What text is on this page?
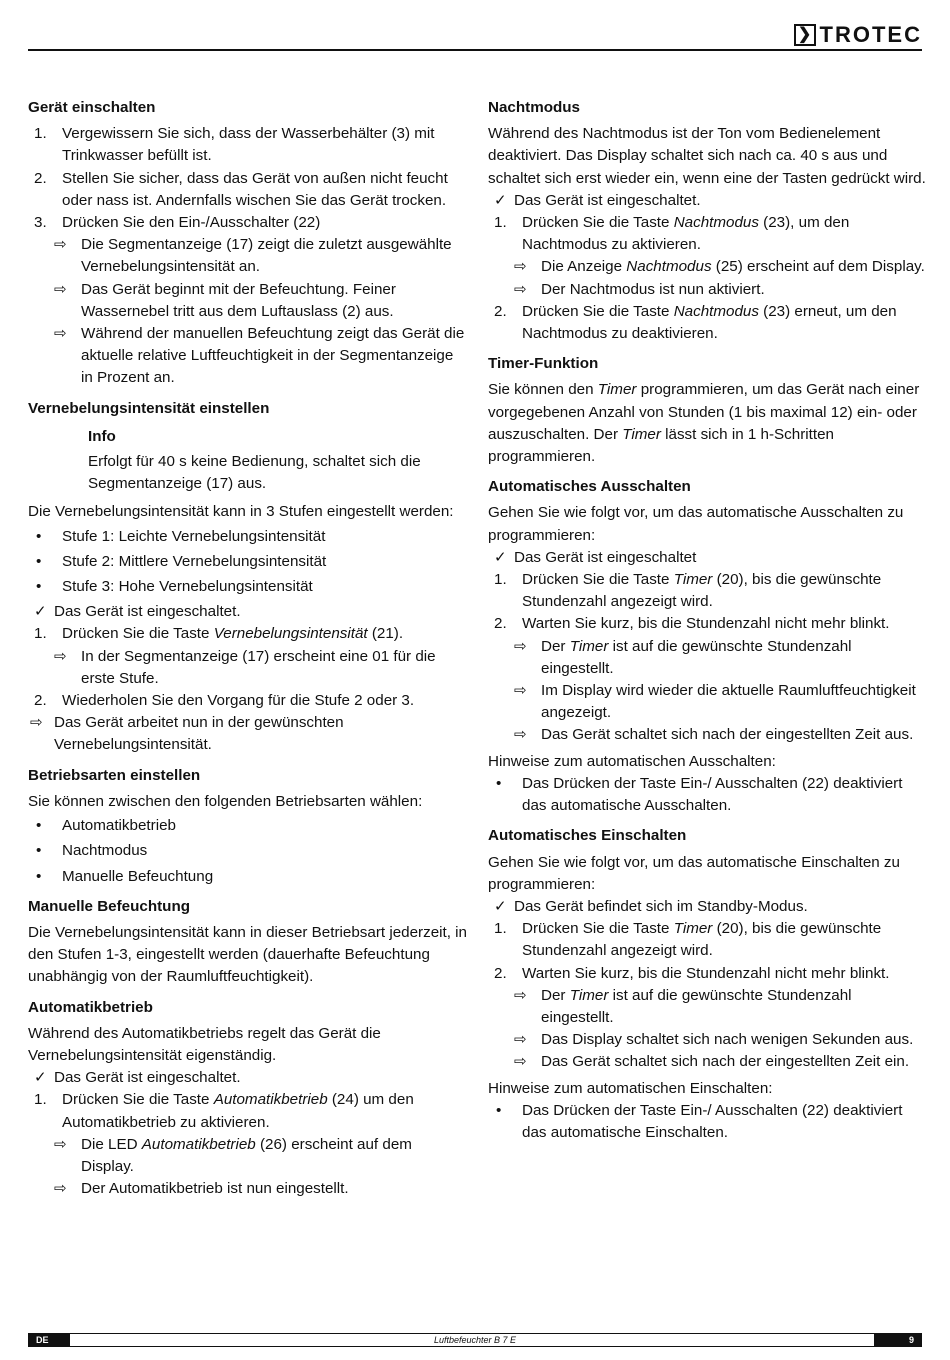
❯ TROTEC
Gerät einschalten
1.	Vergewissern Sie sich, dass der Wasserbehälter (3) mit Trinkwasser befüllt ist.
2.	Stellen Sie sicher, dass das Gerät von außen nicht feucht oder nass ist. Andernfalls wischen Sie das Gerät trocken.
3.	Drücken Sie den Ein-/Ausschalter (22)
⇨ Die Segmentanzeige (17) zeigt die zuletzt ausgewählte Vernebelungsintensität an.
⇨ Das Gerät beginnt mit der Befeuchtung. Feiner Wassernebel tritt aus dem Luftauslass (2) aus.
⇨ Während der manuellen Befeuchtung zeigt das Gerät die aktuelle relative Luftfeuchtigkeit in der Segmentanzeige in Prozent an.
Vernebelungsintensität einstellen
Info
Erfolgt für 40 s keine Bedienung, schaltet sich die Segmentanzeige (17) aus.
Die Vernebelungsintensität kann in 3 Stufen eingestellt werden:
•	Stufe 1: Leichte Vernebelungsintensität
•	Stufe 2: Mittlere Vernebelungsintensität
•	Stufe 3: Hohe Vernebelungsintensität
✓ Das Gerät ist eingeschaltet.
1.	Drücken Sie die Taste Vernebelungsintensität (21).
⇨ In der Segmentanzeige (17) erscheint eine 01 für die erste Stufe.
2.	Wiederholen Sie den Vorgang für die Stufe 2 oder 3.
⇨ Das Gerät arbeitet nun in der gewünschten Vernebelungsintensität.
Betriebsarten einstellen
Sie können zwischen den folgenden Betriebsarten wählen:
•	Automatikbetrieb
•	Nachtmodus
•	Manuelle Befeuchtung
Manuelle Befeuchtung
Die Vernebelungsintensität kann in dieser Betriebsart jederzeit, in den Stufen 1-3, eingestellt werden (dauerhafte Befeuchtung unabhängig von der Raumluftfeuchtigkeit).
Automatikbetrieb
Während des Automatikbetriebs regelt das Gerät die Vernebelungsintensität eigenständig.
✓ Das Gerät ist eingeschaltet.
1.	Drücken Sie die Taste Automatikbetrieb (24) um den Automatikbetrieb zu aktivieren.
⇨ Die LED Automatikbetrieb (26) erscheint auf dem Display.
⇨ Der Automatikbetrieb ist nun eingestellt.
Nachtmodus
Während des Nachtmodus ist der Ton vom Bedienelement deaktiviert. Das Display schaltet sich nach ca. 40 s aus und schaltet sich erst wieder ein, wenn eine der Tasten gedrückt wird.
✓ Das Gerät ist eingeschaltet.
1.	Drücken Sie die Taste Nachtmodus (23), um den Nachtmodus zu aktivieren.
⇨ Die Anzeige Nachtmodus (25) erscheint auf dem Display.
⇨ Der Nachtmodus ist nun aktiviert.
2.	Drücken Sie die Taste Nachtmodus (23) erneut, um den Nachtmodus zu deaktivieren.
Timer-Funktion
Sie können den Timer programmieren, um das Gerät nach einer vorgegebenen Anzahl von Stunden (1 bis maximal 12) ein- oder auszuschalten. Der Timer lässt sich in 1 h-Schritten programmieren.
Automatisches Ausschalten
Gehen Sie wie folgt vor, um das automatische Ausschalten zu programmieren:
✓ Das Gerät ist eingeschaltet
1.	Drücken Sie die Taste Timer (20), bis die gewünschte Stundenzahl angezeigt wird.
2.	Warten Sie kurz, bis die Stundenzahl nicht mehr blinkt.
⇨ Der Timer ist auf die gewünschte Stundenzahl eingestellt.
⇨ Im Display wird wieder die aktuelle Raumluftfeuchtigkeit angezeigt.
⇨ Das Gerät schaltet sich nach der eingestellten Zeit aus.
Hinweise zum automatischen Ausschalten:
•	Das Drücken der Taste Ein-/ Ausschalten (22) deaktiviert das automatische Ausschalten.
Automatisches Einschalten
Gehen Sie wie folgt vor, um das automatische Einschalten zu programmieren:
✓ Das Gerät befindet sich im Standby-Modus.
1.	Drücken Sie die Taste Timer (20), bis die gewünschte Stundenzahl angezeigt wird.
2.	Warten Sie kurz, bis die Stundenzahl nicht mehr blinkt.
⇨ Der Timer ist auf die gewünschte Stundenzahl eingestellt.
⇨ Das Display schaltet sich nach wenigen Sekunden aus.
⇨ Das Gerät schaltet sich nach der eingestellten Zeit ein.
Hinweise zum automatischen Einschalten:
•	Das Drücken der Taste Ein-/ Ausschalten (22) deaktiviert das automatische Einschalten.
DE	Luftbefeuchter B 7 E	9
